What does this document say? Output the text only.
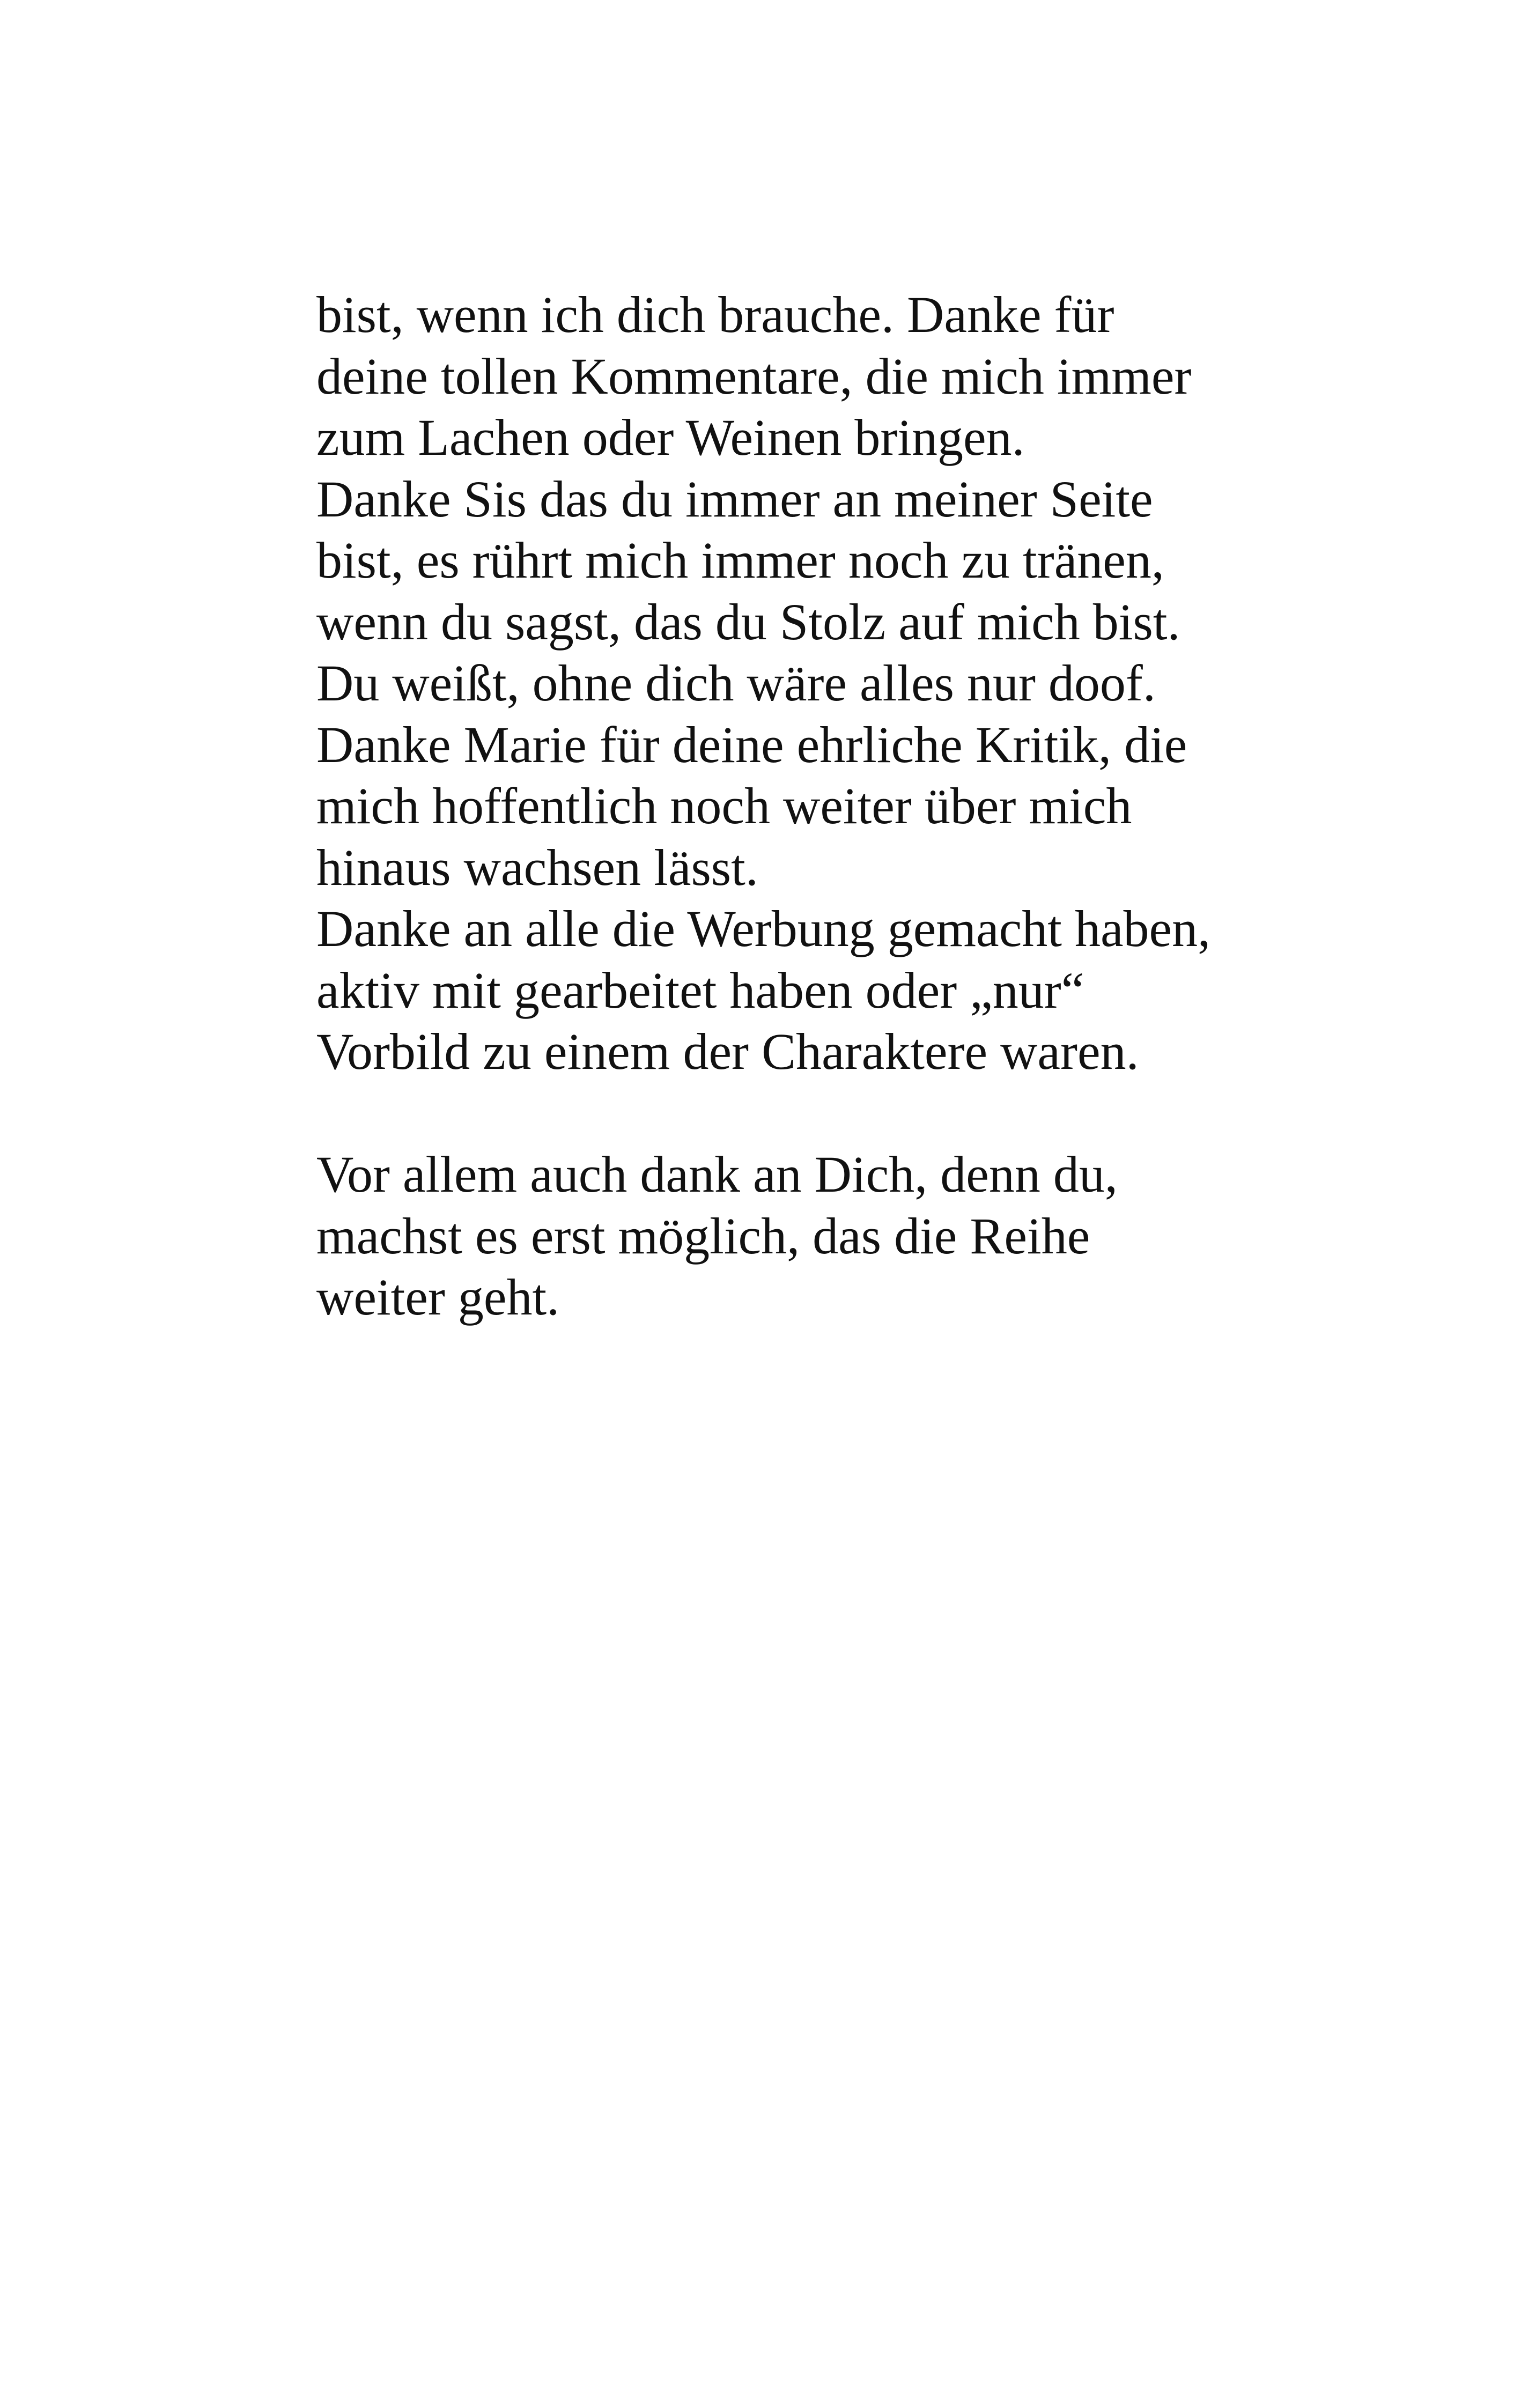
bist, wenn ich dich brauche. Danke für
deine tollen Kommentare, die mich immer
zum Lachen oder Weinen bringen.
Danke Sis das du immer an meiner Seite
bist, es rührt mich immer noch zu tränen,
wenn du sagst, das du Stolz auf mich bist.
Du weißt, ohne dich wäre alles nur doof.
Danke Marie für deine ehrliche Kritik, die
mich hoffentlich noch weiter über mich
hinaus wachsen lässt.
Danke an alle die Werbung gemacht haben,
aktiv mit gearbeitet haben oder „nur“
Vorbild zu einem der Charaktere waren.
Vor allem auch dank an Dich, denn du,
machst es erst möglich, das die Reihe
weiter geht.
